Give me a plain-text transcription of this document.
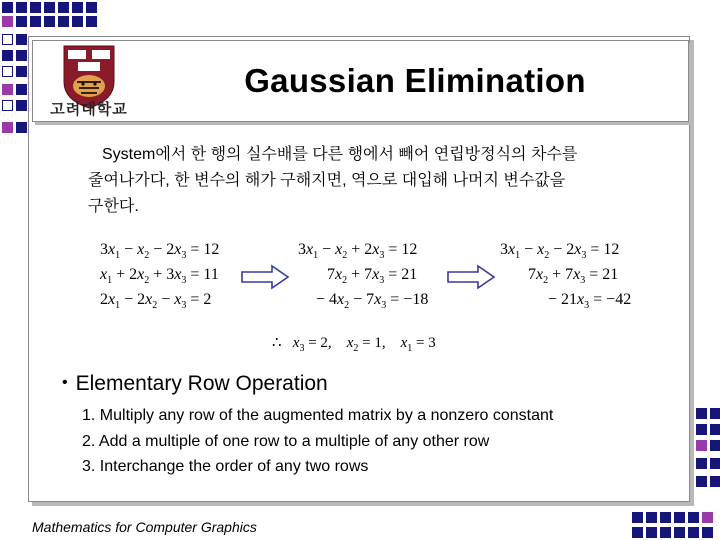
고려대학교
Gaussian Elimination
System에서 한 행의 실수배를 다른 행에서 빼어 연립방정식의 차수를
줄여나가다, 한 변수의 해가 구해지면, 역으로 대입해 나머지 변수값을
구한다.
$3x_1 - x_2 - 2x_3 = 12$
$x_1 + 2x_2 + 3x_3 = 11$
$2x_1 - 2x_2 - x_3 = 2$
$3x_1 - x_2 + 2x_3 = 12$
$7x_2 + 7x_3 = 21$
− $4x_2 - 7x_3 = -18$
$3x_1 - x_2 - 2x_3 = 12$
$7x_2 + 7x_3 = 21$
− $21x_3 = -42$
∴   $x_3 = 2$,    $x_2 = 1$,    $x_1 = 3$
• Elementary Row Operation
1. Multiply any row of the augmented matrix by a nonzero constant
2. Add a multiple of one row to a multiple of any other row
3. Interchange the order of any two rows
Mathematics for Computer Graphics
